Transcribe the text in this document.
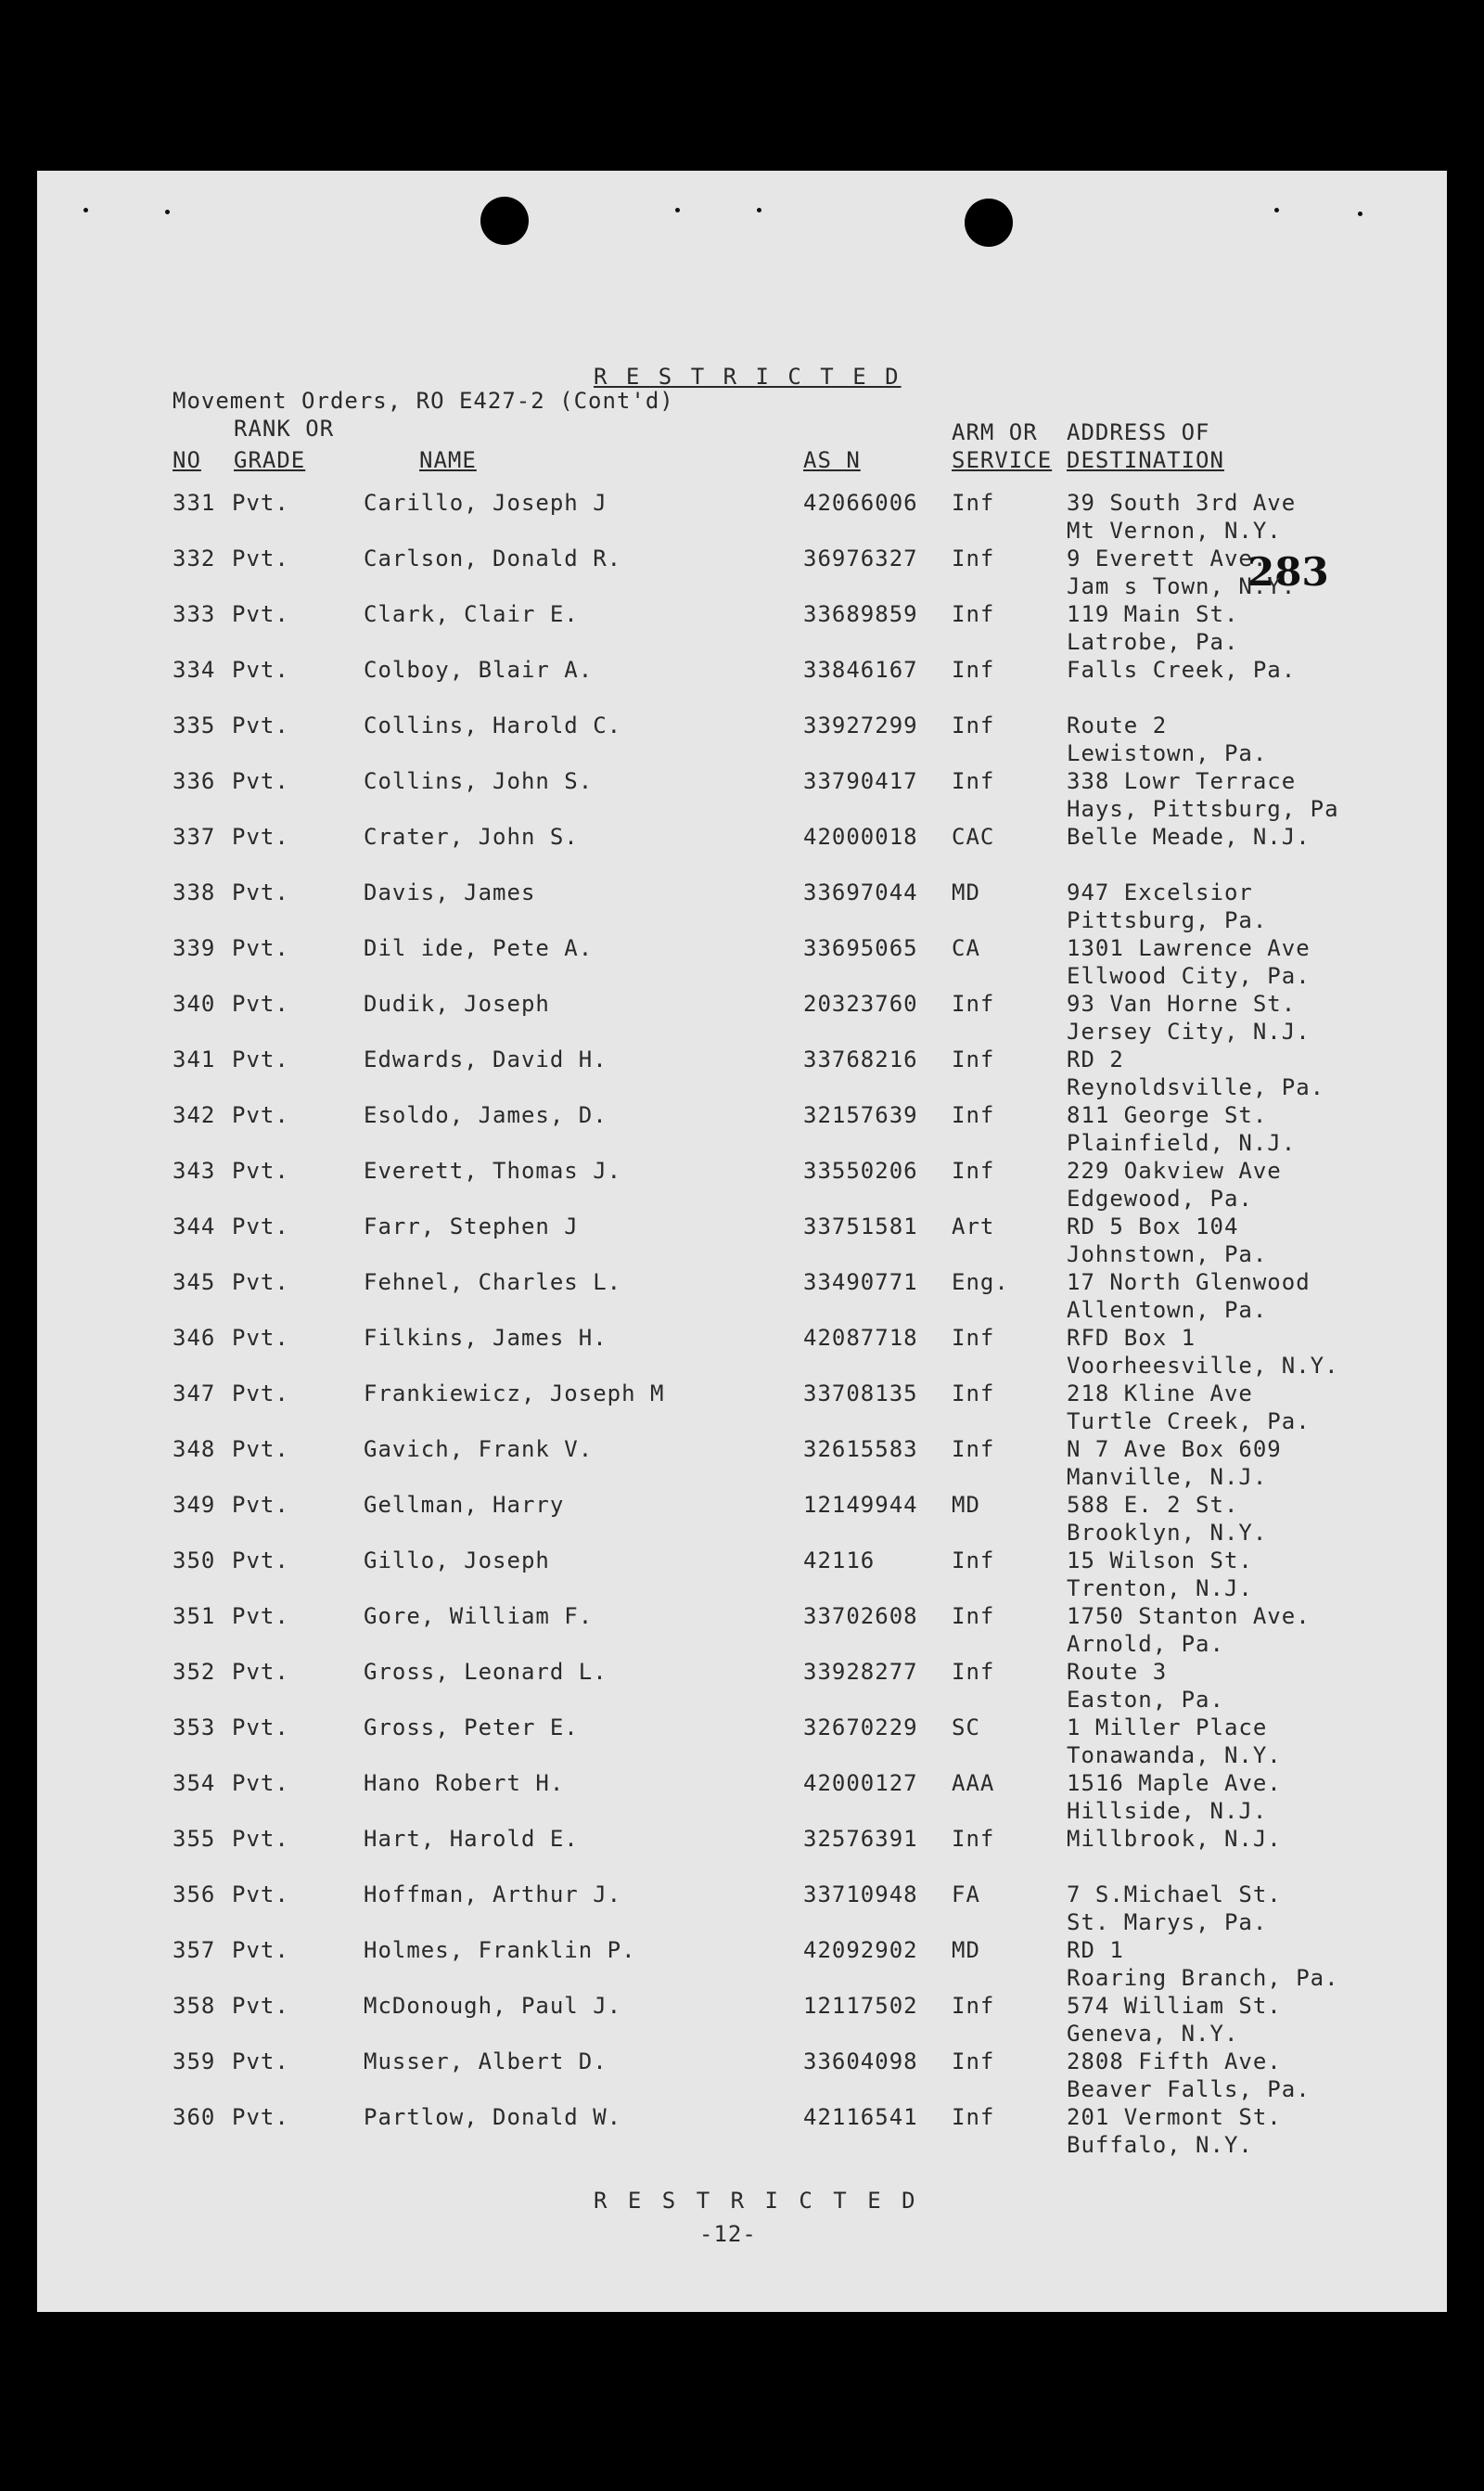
R E S T R I C T E D
Movement Orders, RO E427-2 (Cont'd)
RANK OR	ARM OR ADDRESS OF
NO GRADE	NAME	AS N	SERVICE DESTINATION
283
331 Pvt.	Carillo, Joseph J	42066006 Inf	39 South 3rd Ave
Mt Vernon, N.Y.
332 Pvt.	Carlson, Donald R.	36976327 Inf	9 Everett Ave.
Jam s Town, N.Y.
333 Pvt.	Clark, Clair E.	33689859 Inf	119 Main St.
Latrobe, Pa.
334 Pvt.	Colboy, Blair A.	33846167 Inf	Falls Creek, Pa.
335 Pvt.	Collins, Harold C.	33927299 Inf	Route 2
Lewistown, Pa.
336 Pvt.	Collins, John S.	33790417 Inf	338 Lowr Terrace
Hays, Pittsburg, Pa
337 Pvt.	Crater, John S.	42000018 CAC	Belle Meade, N.J.
338 Pvt.	Davis, James	33697044 MD	947 Excelsior
Pittsburg, Pa.
339 Pvt.	Dil ide, Pete A.	33695065 CA	1301 Lawrence Ave
Ellwood City, Pa.
340 Pvt.	Dudik, Joseph	20323760 Inf	93 Van Horne St.
Jersey City, N.J.
341 Pvt.	Edwards, David H.	33768216 Inf	RD 2
Reynoldsville, Pa.
342 Pvt.	Esoldo, James, D.	32157639 Inf	811 George St.
Plainfield, N.J.
343 Pvt.	Everett, Thomas J.	33550206 Inf	229 Oakview Ave
Edgewood, Pa.
344 Pvt.	Farr, Stephen J	33751581 Art	RD 5 Box 104
Johnstown, Pa.
345 Pvt.	Fehnel, Charles L.	33490771 Eng.	17 North Glenwood
Allentown, Pa.
346 Pvt.	Filkins, James H.	42087718 Inf	RFD Box 1
Voorheesville, N.Y.
347 Pvt.	Frankiewicz, Joseph M	33708135 Inf	218 Kline Ave
Turtle Creek, Pa.
348 Pvt.	Gavich, Frank V.	32615583 Inf	N 7 Ave Box 609
Manville, N.J.
349 Pvt.	Gellman, Harry	12149944 MD	588 E. 2 St.
Brooklyn, N.Y.
350 Pvt.	Gillo, Joseph	42116	Inf	15 Wilson St.
Trenton, N.J.
351 Pvt.	Gore, William F.	33702608 Inf	1750 Stanton Ave.
Arnold, Pa.
352 Pvt.	Gross, Leonard L.	33928277 Inf	Route 3
Easton, Pa.
353 Pvt.	Gross, Peter E.	32670229 SC	1 Miller Place
Tonawanda, N.Y.
354 Pvt.	Hano Robert H.	42000127 AAA	1516 Maple Ave.
Hillside, N.J.
355 Pvt.	Hart, Harold E.	32576391 Inf	Millbrook, N.J.
356 Pvt.	Hoffman, Arthur J.	33710948 FA	7 S.Michael St.
St. Marys, Pa.
357 Pvt.	Holmes, Franklin P.	42092902 MD	RD 1
Roaring Branch, Pa.
358 Pvt.	McDonough, Paul J.	12117502 Inf	574 William St.
Geneva, N.Y.
359 Pvt.	Musser, Albert D.	33604098 Inf	2808 Fifth Ave.
Beaver Falls, Pa.
360 Pvt.	Partlow, Donald W.	42116541 Inf	201 Vermont St.
Buffalo, N.Y.
R E S T R I C T E D
-12-
